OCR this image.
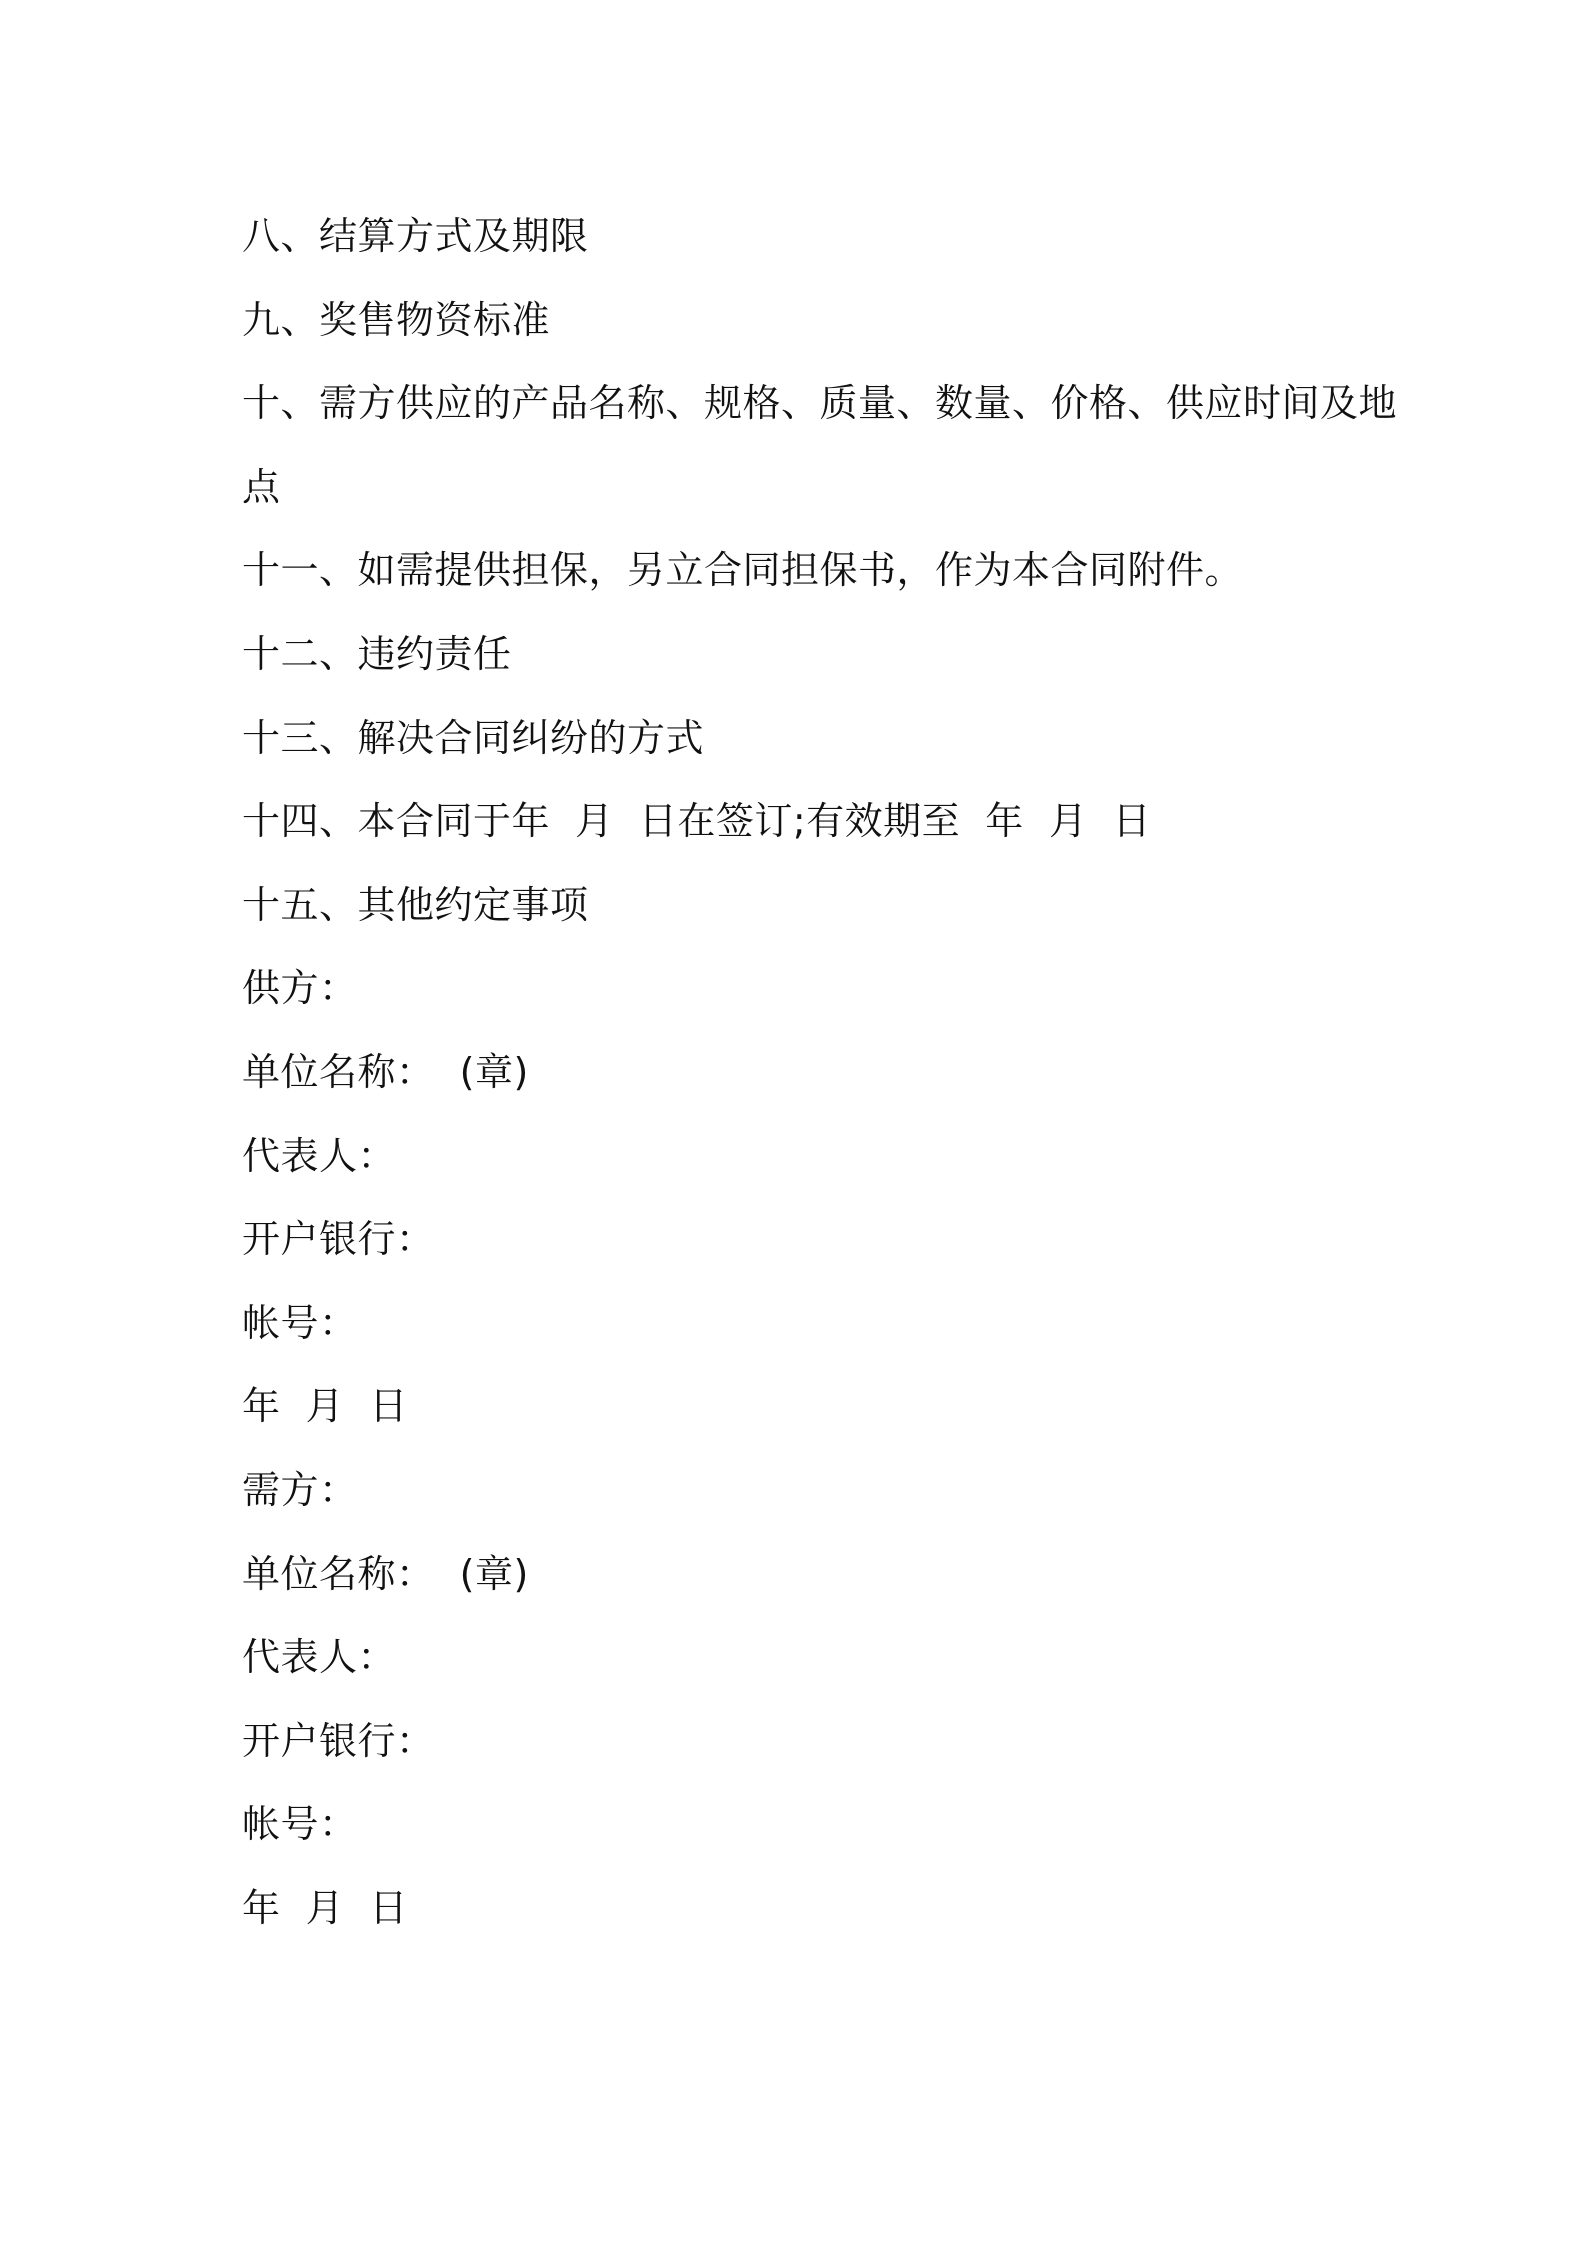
八、结算方式及期限
九、奖售物资标准
十、需方供应的产品名称、规格、质量、数量、价格、供应时间及地
点
十一、如需提供担保，另立合同担保书，作为本合同附件。
十二、违约责任
十三、解决合同纠纷的方式
十四、本合同于年  月  日在签订;有效期至  年  月  日
十五、其他约定事项
供方：
单位名称：  (章)
代表人：
开户银行：
帐号：
年  月  日
需方：
单位名称：  (章)
代表人：
开户银行：
帐号：
年  月  日
